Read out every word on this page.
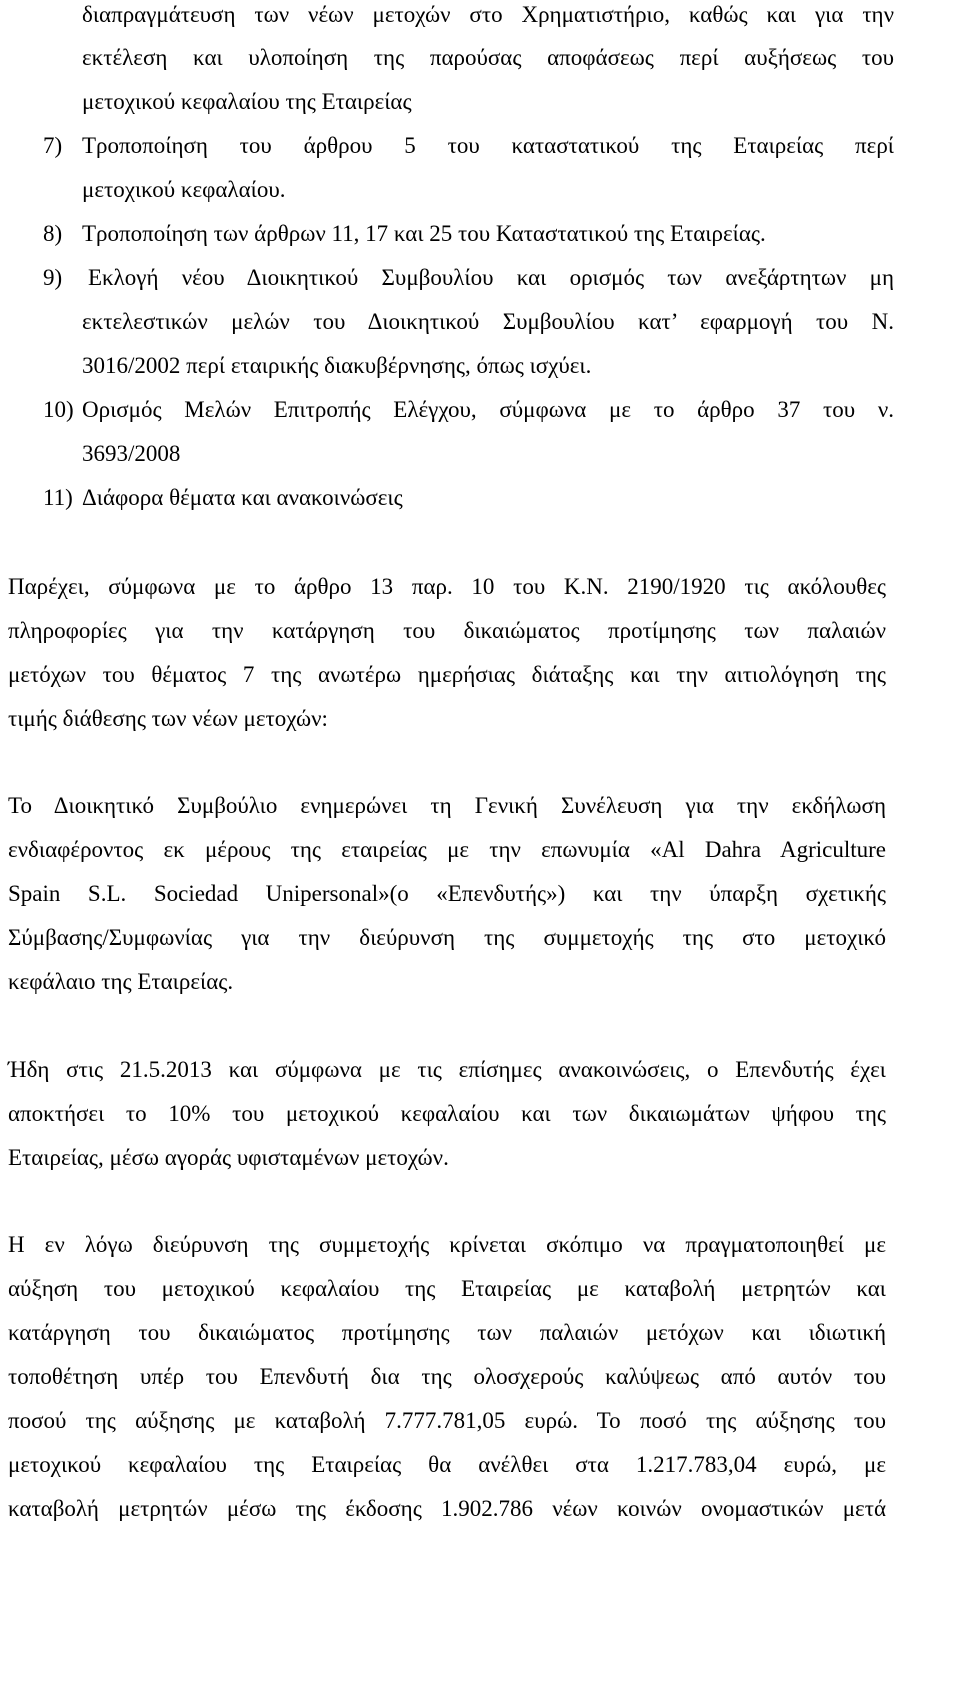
διαπραγμάτευση των νέων μετοχών στο Χρηματιστήριο, καθώς και για την
εκτέλεση και υλοποίηση της παρούσας αποφάσεως περί αυξήσεως του
μετοχικού κεφαλαίου της Εταιρείας
7) Τροποποίηση του άρθρου 5 του καταστατικού της Εταιρείας περί
μετοχικού κεφαλαίου.
8) Τροποποίηση των άρθρων 11, 17 και 25 του Καταστατικού της Εταιρείας.
9) Εκλογή νέου Διοικητικού Συμβουλίου και ορισμός των ανεξάρτητων μη
εκτελεστικών μελών του Διοικητικού Συμβουλίου κατ’ εφαρμογή του Ν.
3016/2002 περί εταιρικής διακυβέρνησης, όπως ισχύει.
10) Ορισμός Μελών Επιτροπής Ελέγχου, σύμφωνα με το άρθρο 37 του ν.
3693/2008
11) Διάφορα θέματα και ανακοινώσεις
Παρέχει, σύμφωνα με το άρθρο 13 παρ. 10 του Κ.Ν. 2190/1920 τις ακόλουθες
πληροφορίες για την κατάργηση του δικαιώματος προτίμησης των παλαιών
μετόχων του θέματος 7 της ανωτέρω ημερήσιας διάταξης και την αιτιολόγηση της
τιμής διάθεσης των νέων μετοχών:
Το Διοικητικό Συμβούλιο ενημερώνει τη Γενική Συνέλευση για την εκδήλωση
ενδιαφέροντος εκ μέρους της εταιρείας με την επωνυμία «Al Dahra Agriculture
Spain S.L. Sociedad Unipersonal»(ο «Επενδυτής») και την ύπαρξη σχετικής
Σύμβασης/Συμφωνίας για την διεύρυνση της συμμετοχής της στο μετοχικό
κεφάλαιο της Εταιρείας.
Ήδη στις 21.5.2013 και σύμφωνα με τις επίσημες ανακοινώσεις, ο Επενδυτής έχει
αποκτήσει το 10% του μετοχικού κεφαλαίου και των δικαιωμάτων ψήφου της
Εταιρείας, μέσω αγοράς υφισταμένων μετοχών.
Η εν λόγω διεύρυνση της συμμετοχής κρίνεται σκόπιμο να πραγματοποιηθεί με
αύξηση του μετοχικού κεφαλαίου της Εταιρείας με καταβολή μετρητών και
κατάργηση του δικαιώματος προτίμησης των παλαιών μετόχων και ιδιωτική
τοποθέτηση υπέρ του Επενδυτή δια της ολοσχερούς καλύψεως από αυτόν του
ποσού της αύξησης με καταβολή 7.777.781,05 ευρώ. Το ποσό της αύξησης του
μετοχικού κεφαλαίου της Εταιρείας θα ανέλθει στα 1.217.783,04 ευρώ, με
καταβολή μετρητών μέσω της έκδοσης 1.902.786 νέων κοινών ονομαστικών μετά
